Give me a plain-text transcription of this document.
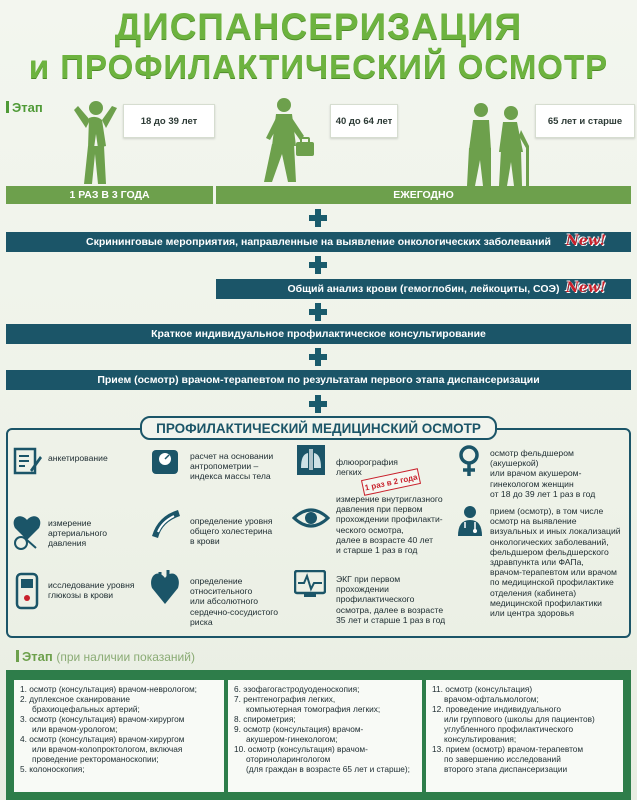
ДИСПАНСЕРИЗАЦИЯ
и ПРОФИЛАКТИЧЕСКИЙ ОСМОТР
Этап
18 до 39 лет	40 до 64 лет	65 лет и старше
1 РАЗ В 3 ГОДА	ЕЖЕГОДНО
Скрининговые мероприятия, направленные на выявление онкологических заболеваний New!
Общий анализ крови (гемоглобин, лейкоциты, СОЭ) New!
Краткое индивидуальное профилактическое консультирование
Прием (осмотр) врачом-терапевтом по результатам первого этапа диспансеризации
ПРОФИЛАКТИЧЕСКИЙ МЕДИЦИНСКИЙ ОСМОТР
анкетирование	расчет на основании
антропометрии –
индекса массы тела
флюорография
легких
осмотр фельдшером
(акушеркой)
или врачом акушером-
гинекологом женщин
от 18 до 39 лет 1 раз в год
измерение
артериального
давления
определение уровня
общего холестерина
в крови
1 раз в 2 года
измерение внутриглазного
давления при первом
прохождении профилакти-
ческого осмотра,
далее в возрасте 40 лет
и старше 1 раз в год
прием (осмотр), в том числе
осмотр на выявление
визуальных и иных локализаций
онкологических заболеваний,
фельдшером фельдшерского
здравпункта или ФАПа,
врачом-терапевтом или врачом
по медицинской профилактике
отделения (кабинета)
медицинской профилактики
или центра здоровья
исследование уровня
глюкозы в крови
определение
относительного
или абсолютного
сердечно-сосудистого
риска
ЭКГ при первом
прохождении
профилактического
осмотра, далее в возрасте
35 лет и старше 1 раз в год
Этап (при наличии показаний)
1. осмотр (консультация) врачом-неврологом;
2. дуплексное сканирование
брахиоцефальных артерий;
3. осмотр (консультация) врачом-хирургом
или врачом-урологом;
4. осмотр (консультация) врачом-хирургом
или врачом-колопроктологом, включая
проведение ректороманоскопии;
5. колоноскопия;
6. эзофагогастродуоденоскопия;
7. рентгенография легких,
компьютерная томография легких;
8. спирометрия;
9. осмотр (консультация) врачом-
акушером-гинекологом;
10. осмотр (консультация) врачом-
оториноларингологом
(для граждан в возрасте 65 лет и старше);
11. осмотр (консультация)
врачом-офтальмологом;
12. проведение индивидуального
или группового (школы для пациентов)
углубленного профилактического
консультирования;
13. прием (осмотр) врачом-терапевтом
по завершению исследований
второго этапа диспансеризации
